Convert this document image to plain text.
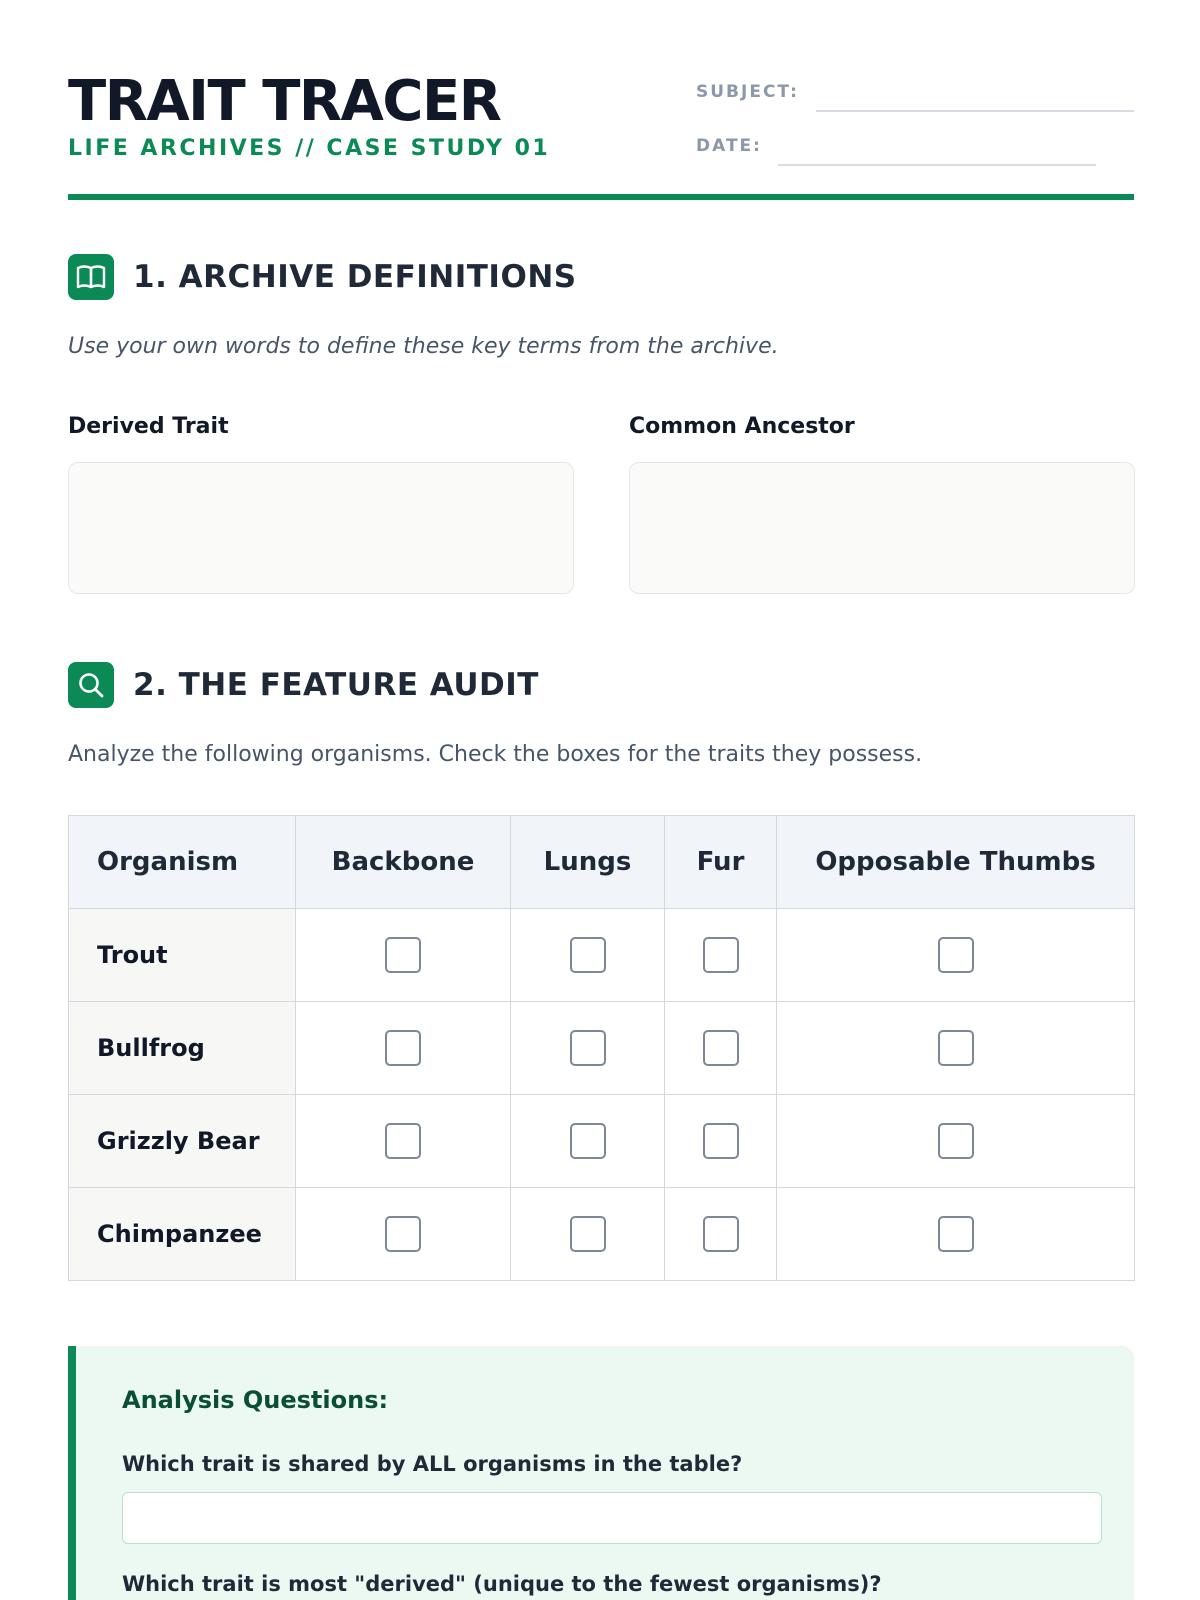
TRAIT TRACER
LIFE ARCHIVES // CASE STUDY 01
SUBJECT:
DATE:
1. ARCHIVE DEFINITIONS
Use your own words to define these key terms from the archive.
Derived Trait	Common Ancestor
2. THE FEATURE AUDIT
Analyze the following organisms. Check the boxes for the traits they possess.
Organism	Backbone	Lungs	Fur	Opposable Thumbs
Trout				
Bullfrog				
Grizzly Bear				
Chimpanzee				
Analysis Questions:
Which trait is shared by ALL organisms in the table?
Which trait is most "derived" (unique to the fewest organisms)?
